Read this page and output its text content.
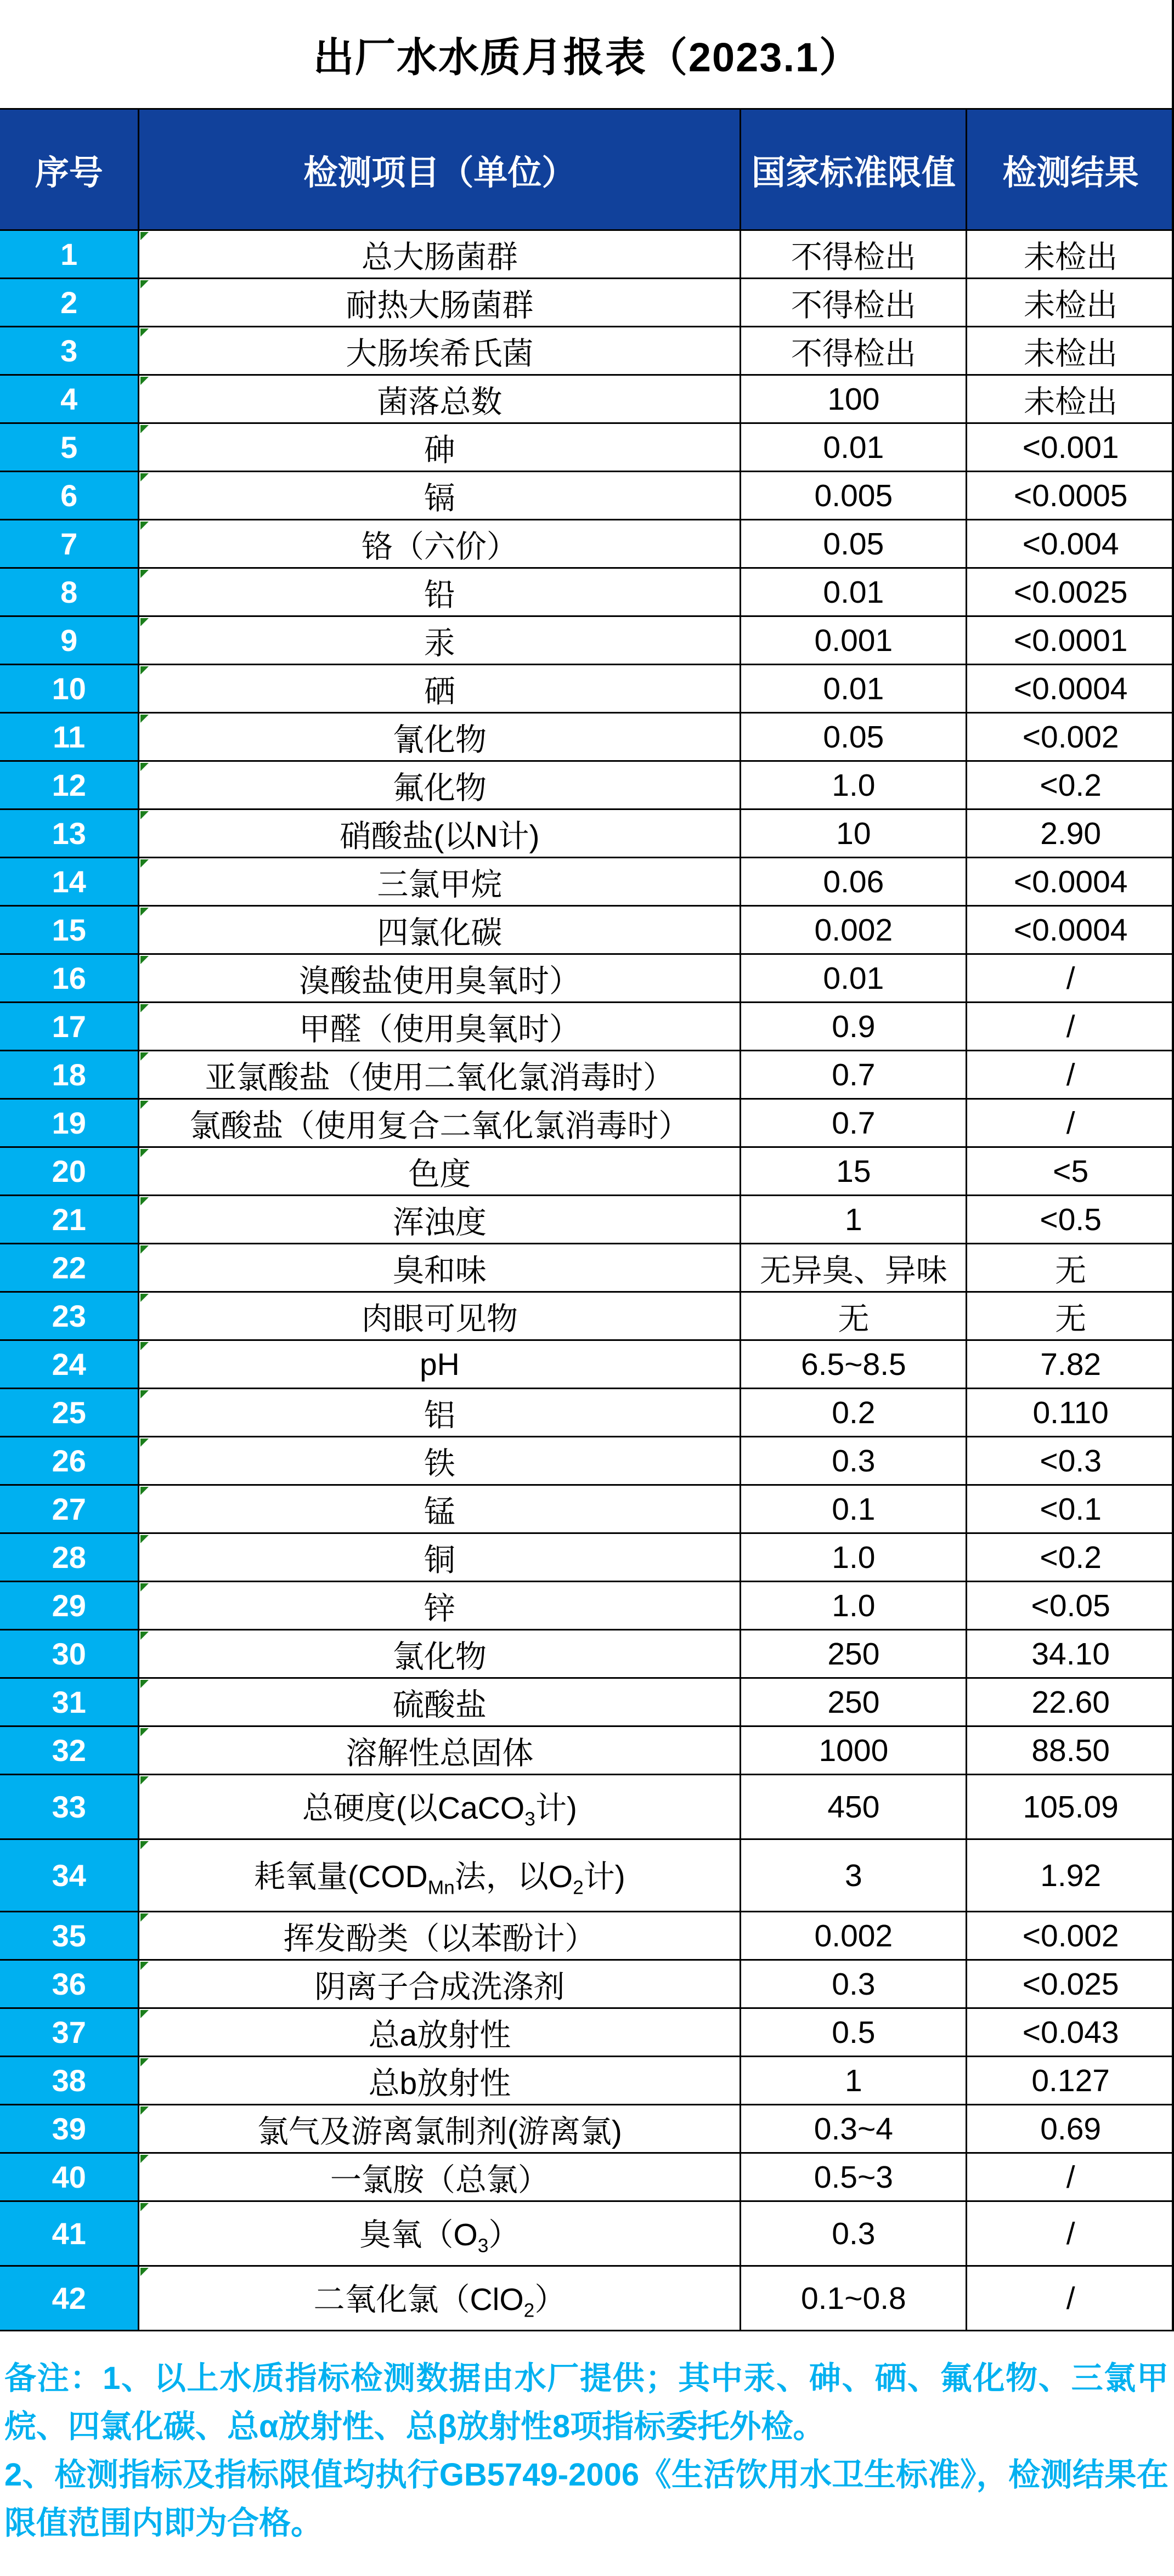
出厂水水质月报表（2023.1）
序号	检测项目（单位）	国家标准限值	检测结果
1	总大肠菌群	不得检出	未检出
2	耐热大肠菌群	不得检出	未检出
3	大肠埃希氏菌	不得检出	未检出
4	菌落总数	100	未检出
5	砷	0.01	<0.001
6	镉	0.005	<0.0005
7	铬（六价）	0.05	<0.004
8	铅	0.01	<0.0025
9	汞	0.001	<0.0001
10	硒	0.01	<0.0004
11	氰化物	0.05	<0.002
12	氟化物	1.0	<0.2
13	硝酸盐(以N计)	10	2.90
14	三氯甲烷	0.06	<0.0004
15	四氯化碳	0.002	<0.0004
16	溴酸盐使用臭氧时）	0.01	/
17	甲醛（使用臭氧时）	0.9	/
18	亚氯酸盐（使用二氧化氯消毒时）	0.7	/
19	氯酸盐（使用复合二氧化氯消毒时）	0.7	/
20	色度	15	<5
21	浑浊度	1	<0.5
22	臭和味	无异臭、异味	无
23	肉眼可见物	无	无
24	pH	6.5~8.5	7.82
25	铝	0.2	0.110
26	铁	0.3	<0.3
27	锰	0.1	<0.1
28	铜	1.0	<0.2
29	锌	1.0	<0.05
30	氯化物	250	34.10
31	硫酸盐	250	22.60
32	溶解性总固体	1000	88.50
33	总硬度(以CaCO$_3$计)	450	105.09
34	耗氧量($COD_{Mn}$法，以$O_2$计)	3	1.92
35	挥发酚类（以苯酚计）	0.002	<0.002
36	阴离子合成洗涤剂	0.3	<0.025
37	总a放射性	0.5	<0.043
38	总b放射性	1	0.127
39	氯气及游离氯制剂(游离氯)	0.3~4	0.69
40	一氯胺（总氯）	0.5~3	/
41	臭氧$(O_3)$	0.3	/
42	二氧化氯（ClO$_2$）	0.1~0.8	/

备注：1、以上水质指标检测数据由水厂提供；其中汞、砷、硒、氟化物、三氯甲烷、四氯化碳、总α放射性、总β放射性8项指标委托外检。

2、检测指标及指标限值均执行GB5749-2006《生活饮用水卫生标准》，检测结果在限值范围内即为合格。
